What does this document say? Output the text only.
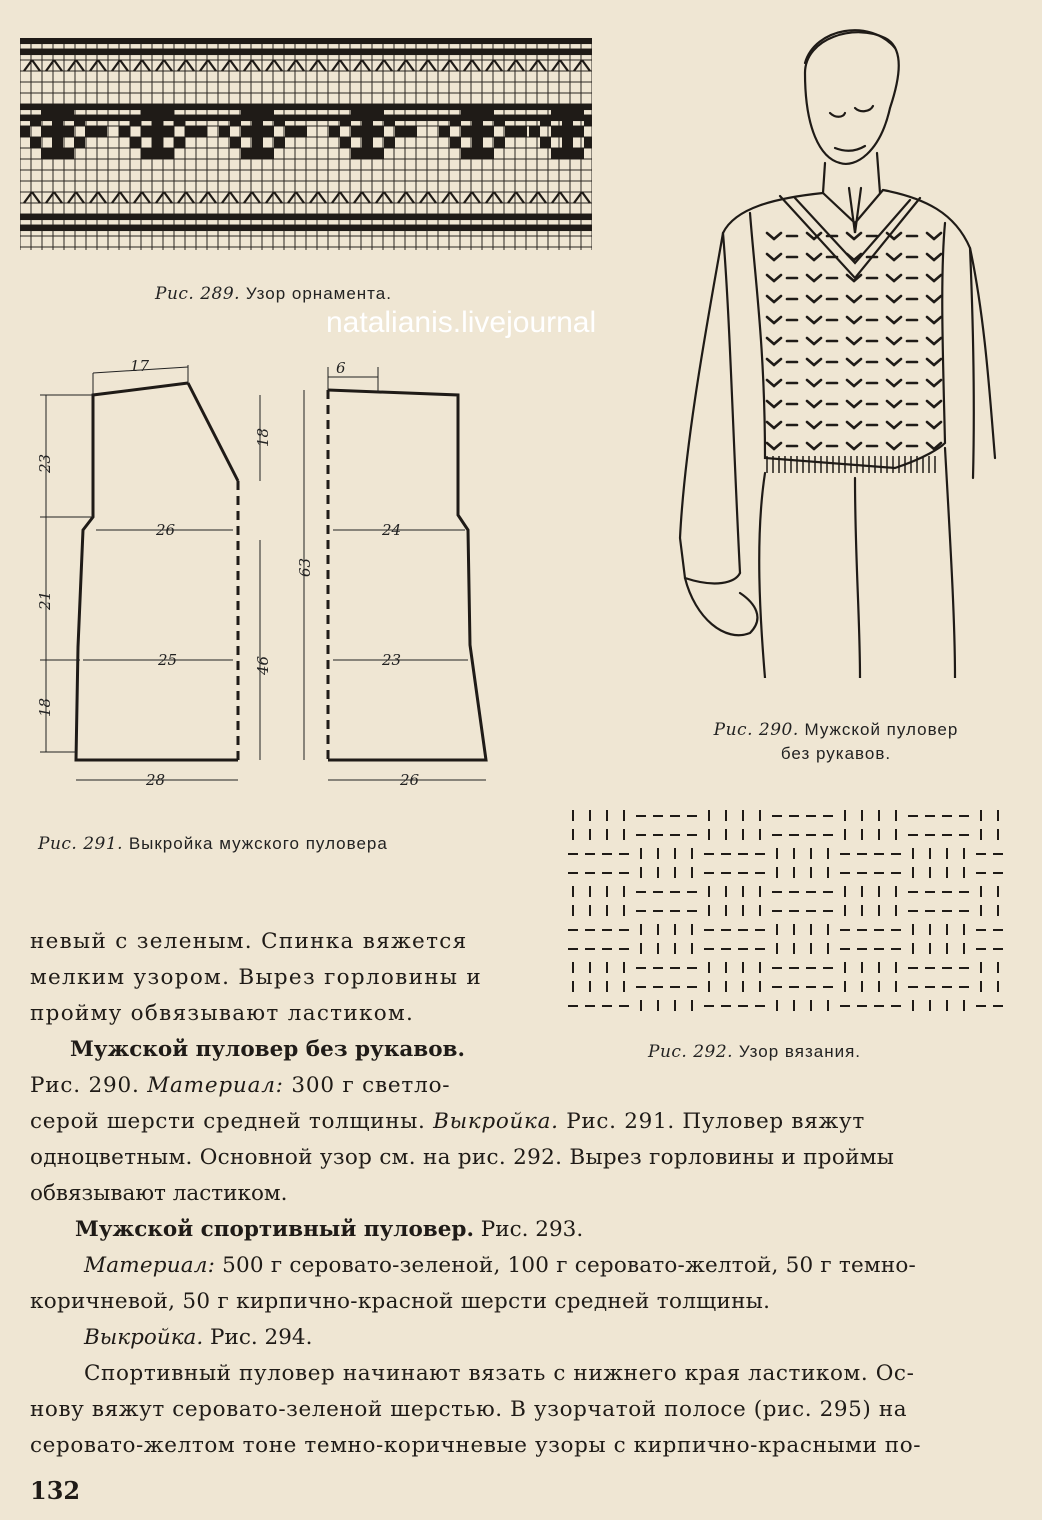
Рис. 289. Узор орнамента.
natalianis.livejournal
17
23
18
26
21
46
25
18
28
6
63
24
23
26
Рис. 291. Выкройка мужского пуловера
Рис. 290. Мужской пуловер
без рукавов.
Рис. 292. Узор вязания.
невый с зеленым. Спинка вяжется
мелким узором. Вырез горловины и
пройму обвязывают ластиком.
Мужской пуловер без рукавов.
Рис. 290. Материал: 300 г светло-
серой шерсти средней толщины. Выкройка. Рис. 291. Пуловер вяжут
одноцветным. Основной узор см. на рис. 292. Вырез горловины и проймы
обвязывают ластиком.
Мужской спортивный пуловер. Рис. 293.
Материал: 500 г серовато-зеленой, 100 г серовато-желтой, 50 г темно-
коричневой, 50 г кирпично-красной шерсти средней толщины.
Выкройка. Рис. 294.
Спортивный пуловер начинают вязать с нижнего края ластиком. Ос-
нову вяжут серовато-зеленой шерстью. В узорчатой полосе (рис. 295) на
серовато-желтом тоне темно-коричневые узоры с кирпично-красными по-
132
